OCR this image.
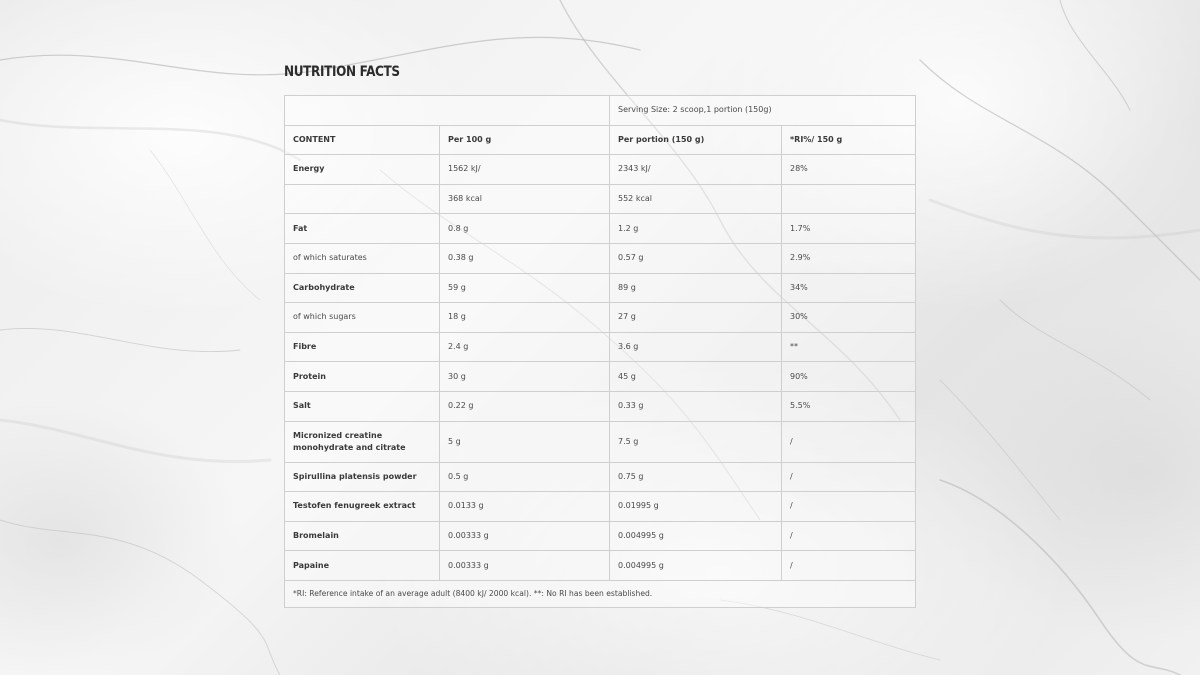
NUTRITION FACTS
		Serving Size: 2 scoop,1 portion (150g)	
CONTENT	Per 100 g	Per portion (150 g)	*RI%/ 150 g
Energy	1562 kJ/	2343 kJ/	28%
	368 kcal	552 kcal	
Fat	0.8 g	1.2 g	1.7%
of which saturates	0.38 g	0.57 g	2.9%
Carbohydrate	59 g	89 g	34%
of which sugars	18 g	27 g	30%
Fibre	2.4 g	3.6 g	**
Protein	30 g	45 g	90%
Salt	0.22 g	0.33 g	5.5%
Micronized creatine monohydrate and citrate	5 g	7.5 g	/
Spirullina platensis powder	0.5 g	0.75 g	/
Testofen fenugreek extract	0.0133 g	0.01995 g	/
Bromelain	0.00333 g	0.004995 g	/
Papaine	0.00333 g	0.004995 g	/
*RI: Reference intake of an average adult (8400 kJ/ 2000 kcal). **: No RI has been established.			
